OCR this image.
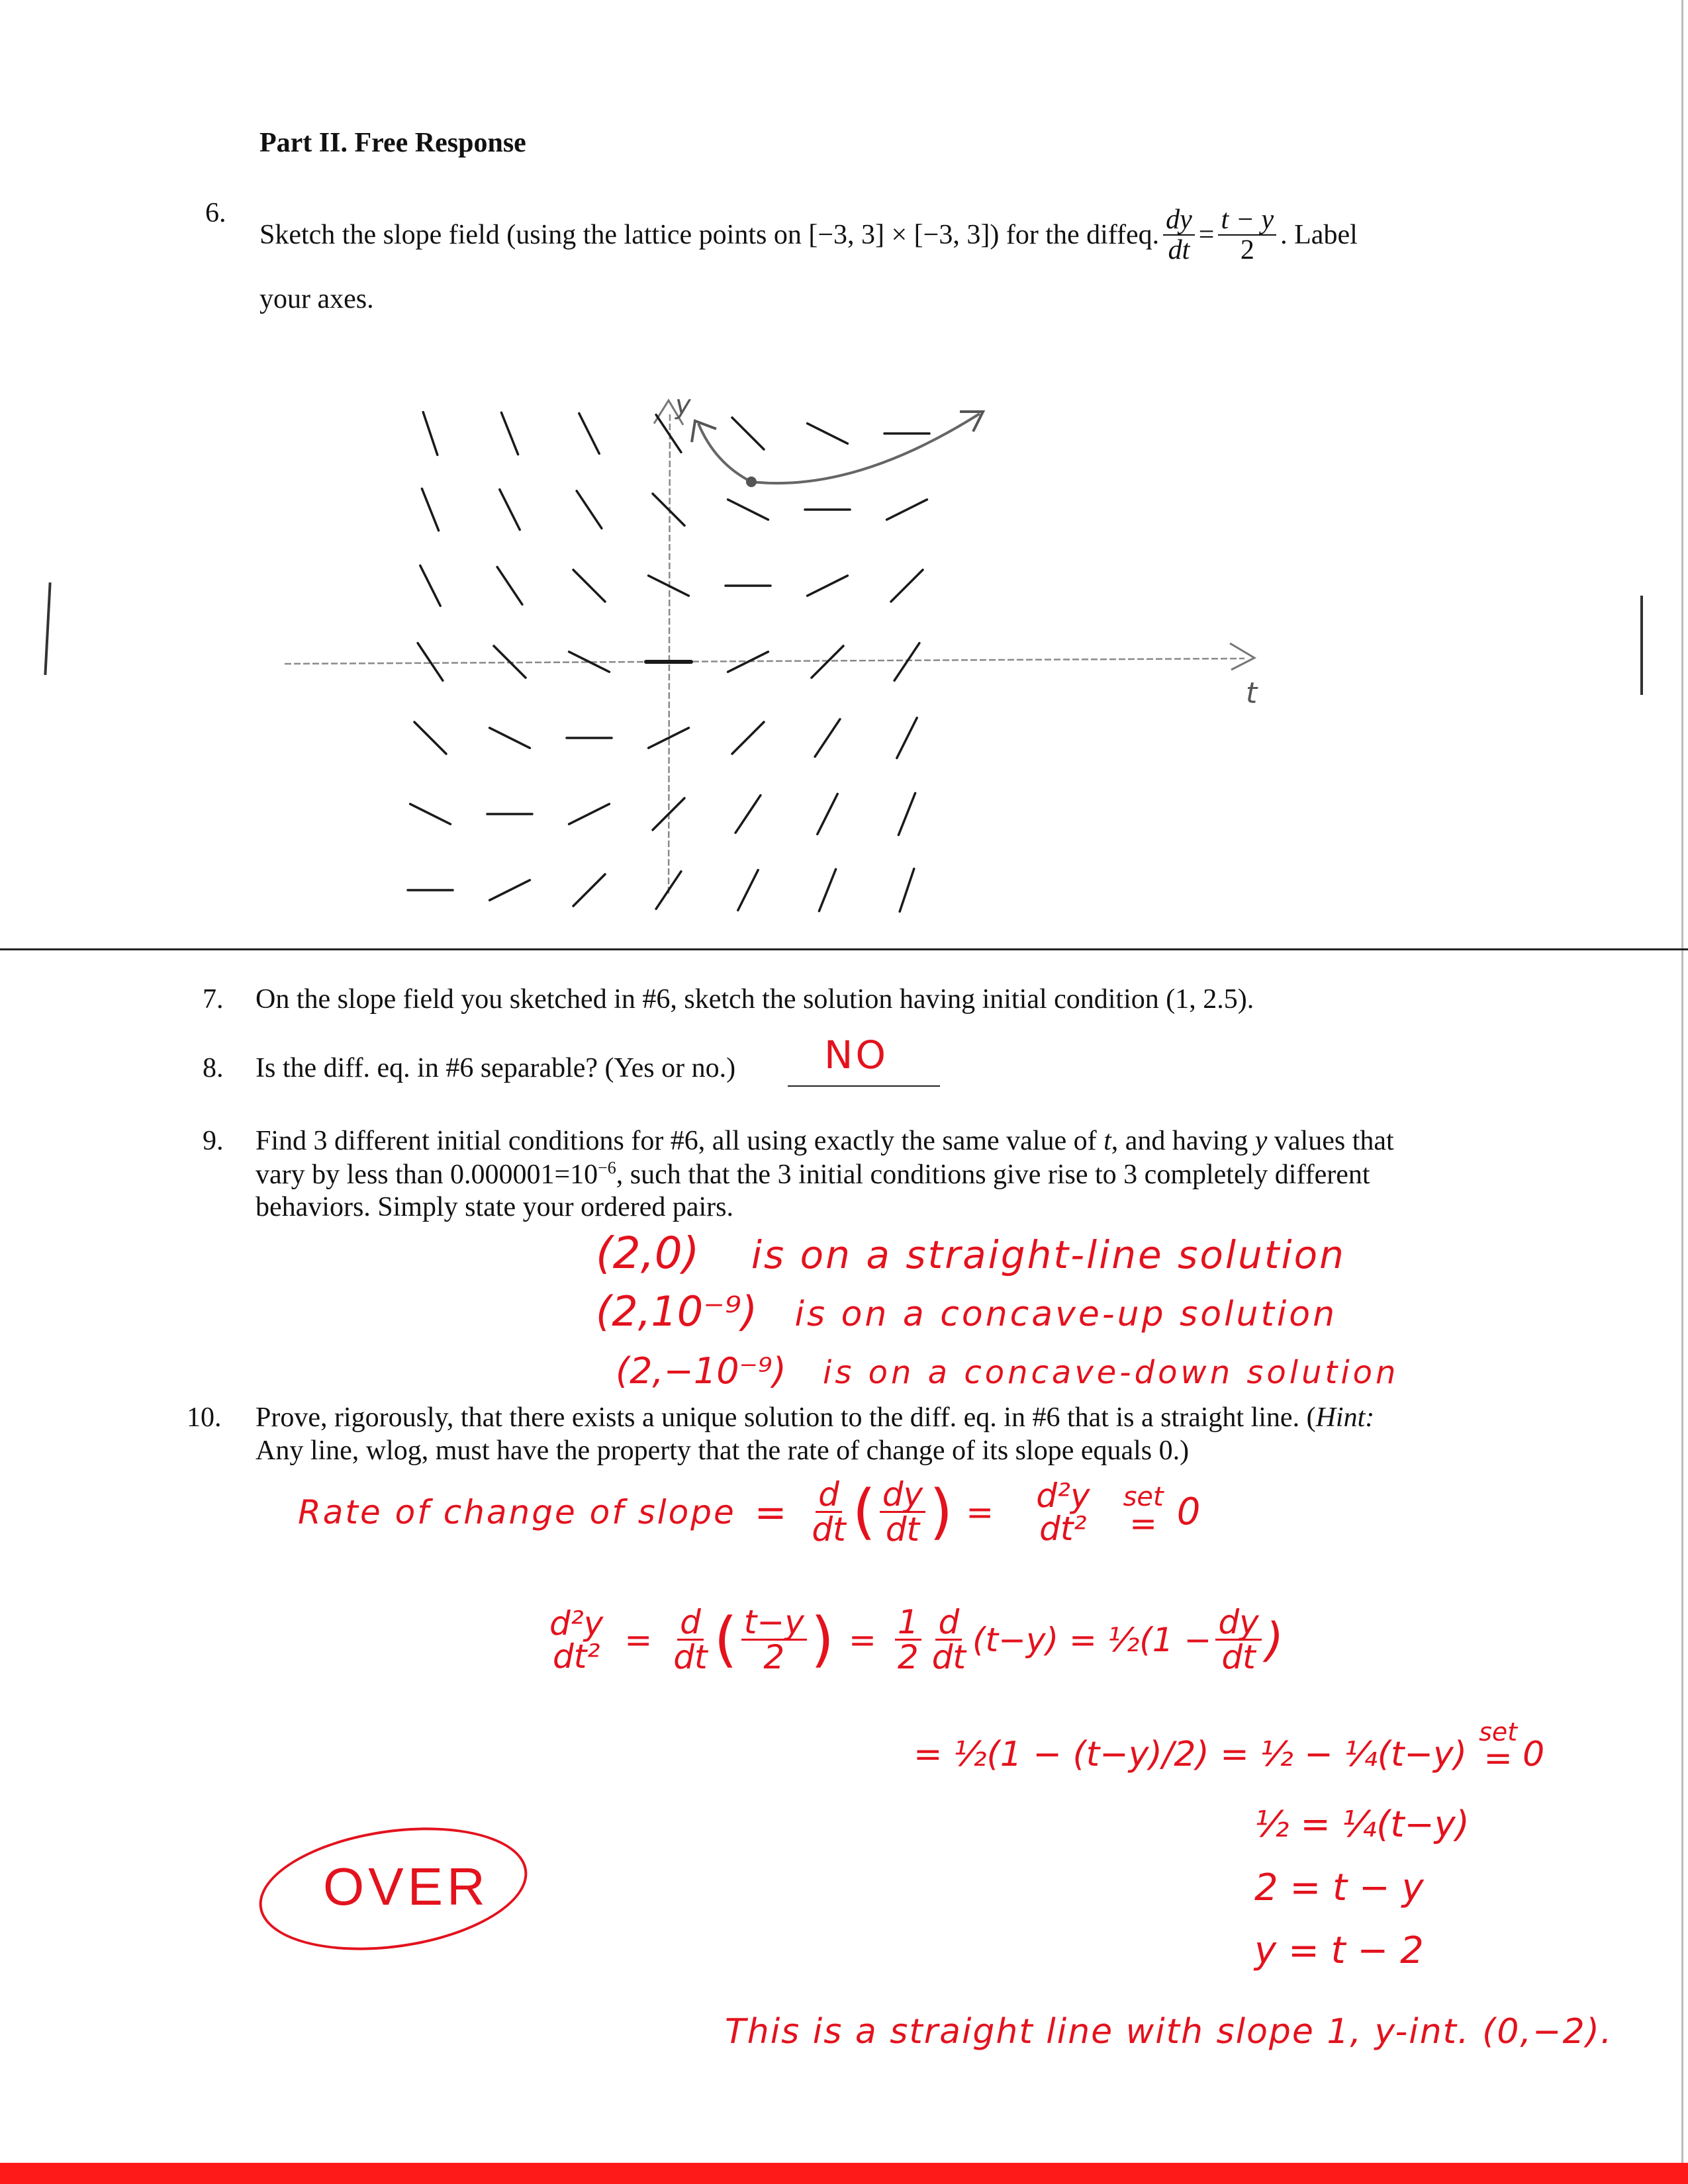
Part II. Free Response
6.
Sketch the slope field (using the lattice points on [−3, 3] × [−3, 3]) for the diffeq. $\frac{dy}{dt} = \frac{t - y}{2}$ . Label
your axes.
y
t
7. On the slope field you sketched in #6, sketch the solution having initial condition (1, 2.5).
8. Is the diff. eq. in #6 separable? (Yes or no.) NO
9. Find 3 different initial conditions for #6, all using exactly the same value of t, and having y values that
vary by less than $0.000001=10^{-6}$, such that the 3 initial conditions give rise to 3 completely different
behaviors. Simply state your ordered pairs.
(2,0) is on a straight-line solution
(2,10⁻⁹) is on a concave-up solution
(2,−10⁻⁹) is on a concave-down solution
10. Prove, rigorously, that there exists a unique solution to the diff. eq. in #6 that is a straight line. (Hint:
Any line, wlog, must have the property that the rate of change of its slope equals 0.)
Rate of change of slope = $\frac{d}{dt}$ ( $\frac{dy}{dt}$ ) = d²y
dt²
set
= 0
d²y
$dt^2 = \frac{d}{dt}$ ( $\frac{t-y}{2}$ ) = $\frac{1}{2} \frac{d}{dt} (t-y)$ = ½(1 − $\frac{dy}{dt}$ )
= ½(1 − (t−y)/2) = ½ − ¼(t−y)
set
= 0
½ = ¼(t−y)
2 = t − y
y = t − 2
This is a straight line with slope 1, y-int. (0,−2).
OVER
